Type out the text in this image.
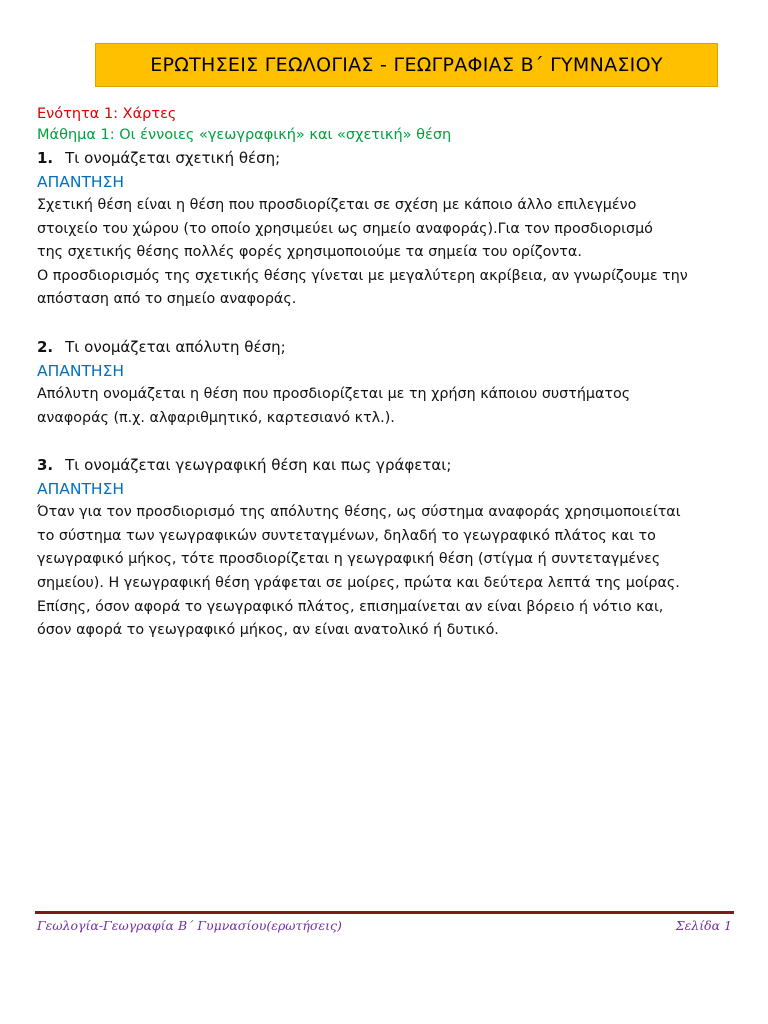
ΕΡΩΤΗΣΕΙΣ ΓΕΩΛΟΓΙΑΣ - ΓΕΩΓΡΑΦΙΑΣ Β΄ ΓΥΜΝΑΣΙΟΥ
Ενότητα 1: Χάρτες
Μάθημα 1: Οι έννοιες «γεωγραφική» και «σχετική» θέση
1. Τι ονομάζεται σχετική θέση;
ΑΠΑΝΤΗΣΗ
Σχετική θέση είναι η θέση που προσδιορίζεται σε σχέση με κάποιο άλλο επιλεγμένο
στοιχείο του χώρου (το οποίο χρησιμεύει ως σημείο αναφοράς).Για τον προσδιορισμό
της σχετικής θέσης πολλές φορές χρησιμοποιούμε τα σημεία του ορίζοντα.
Ο προσδιορισμός της σχετικής θέσης γίνεται με μεγαλύτερη ακρίβεια, αν γνωρίζουμε την
απόσταση από το σημείο αναφοράς.
2. Τι ονομάζεται απόλυτη θέση;
ΑΠΑΝΤΗΣΗ
Απόλυτη ονομάζεται η θέση που προσδιορίζεται με τη χρήση κάποιου συστήματος
αναφοράς (π.χ. αλφαριθμητικό, καρτεσιανό κτλ.).
3. Τι ονομάζεται γεωγραφική θέση και πως γράφεται;
ΑΠΑΝΤΗΣΗ
Όταν για τον προσδιορισμό της απόλυτης θέσης, ως σύστημα αναφοράς χρησιμοποιείται
το σύστημα των γεωγραφικών συντεταγμένων, δηλαδή το γεωγραφικό πλάτος και το
γεωγραφικό μήκος, τότε προσδιορίζεται η γεωγραφική θέση (στίγμα ή συντεταγμένες
σημείου). Η γεωγραφική θέση γράφεται σε μοίρες, πρώτα και δεύτερα λεπτά της μοίρας.
Επίσης, όσον αφορά το γεωγραφικό πλάτος, επισημαίνεται αν είναι βόρειο ή νότιο και,
όσον αφορά το γεωγραφικό μήκος, αν είναι ανατολικό ή δυτικό.
Γεωλογία-Γεωγραφία Β΄ Γυμνασίου(ερωτήσεις)	Σελίδα 1
